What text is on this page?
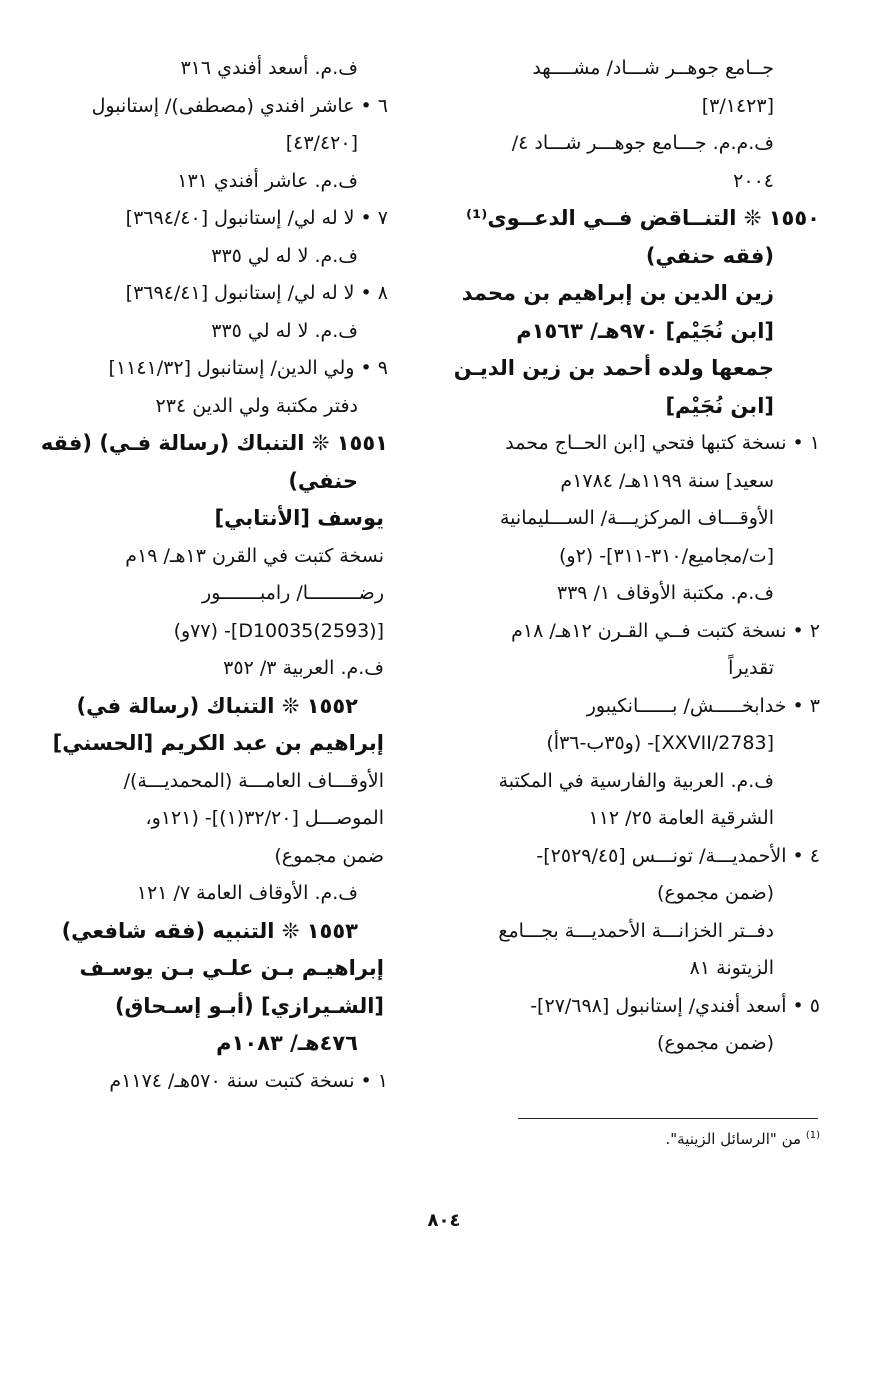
جــامع جوهــر شـــاد/ مشــــهد
[٣/١٤٢٣]
ف.م.م. جـــامع جوهـــر شـــاد ٤/
٢٠٠٤
١٥٥٠ ❊ التنــاقض فــي الدعــوى⁽¹⁾
(فقه حنفي)
زين الدين بن إبراهيم بن محمد
[ابن نُجَيْم] ٩٧٠هـ/ ١٥٦٣م
جمعها ولده أحمد بن زين الديـن
[ابن نُجَيْم]
١ • نسخة كتبها فتحي [ابن الحــاج محمد
سعيد] سنة ١١٩٩هـ/ ١٧٨٤م
الأوقـــاف المركزيـــة/ الســـليمانية
[ت/مجاميع/٣١٠-٣١١]- (٢و)
ف.م. مكتبة الأوقاف ١/ ٣٣٩
٢ • نسخة كتبت فــي القـرن ١٢هـ/ ١٨م
تقديراً
٣ • خدابخـــــش/ بــــــانكيبور
[2783/XXVII]- (و٣٥ب-٣٦أ)
ف.م. العربية والفارسية في المكتبة
الشرقية العامة ٢٥/ ١١٢
٤ • الأحمديـــة/ تونـــس [٢٥٢٩/٤٥]-
(ضمن مجموع)
دفــتر الخزانـــة الأحمديـــة بجـــامع
الزيتونة ٨١
٥ • أسعد أفندي/ إستانبول [٢٧/٦٩٨]-
(ضمن مجموع)
ف.م. أسعد أفندي ٣١٦
٦ • عاشر افندي (مصطفى)/ إستانبول
[٤٣/٤٢٠]
ف.م. عاشر أفندي ١٣١
٧ • لا له لي/ إستانبول [٣٦٩٤/٤٠]
ف.م. لا له لي ٣٣٥
٨ • لا له لي/ إستانبول [٣٦٩٤/٤١]
ف.م. لا له لي ٣٣٥
٩ • ولي الدين/ إستانبول [١١٤١/٣٢]
دفتر مكتبة ولي الدين ٢٣٤
١٥٥١ ❊ التنباك (رسالة فـي) (فقه
حنفي)
يوسف [الأنتابي]
نسخة كتبت في القرن ١٣هـ/ ١٩م
رضـــــــــا/ رامبـــــــور
[D10035(2593)]- (٧٧و)
ف.م. العربية ٣/ ٣٥٢
١٥٥٢ ❊ التنباك (رسالة في)
إبراهيم بن عبد الكريم [الحسني]
الأوقـــاف العامـــة (المحمديـــة)/
الموصـــل [٣٢/٢٠(١)]- (١٢١و،
ضمن مجموع)
ف.م. الأوقاف العامة ٧/ ١٢١
١٥٥٣ ❊ التنبيه (فقه شافعي)
إبراهيـم بـن علـي بـن يوسـف
[الشـيرازي] (أبـو إسـحاق)
٤٧٦هـ/ ١٠٨٣م
١ • نسخة كتبت سنة ٥٧٠هـ/ ١١٧٤م
$^{(1)}$ من "الرسائل الزينية".
٨٠٤
